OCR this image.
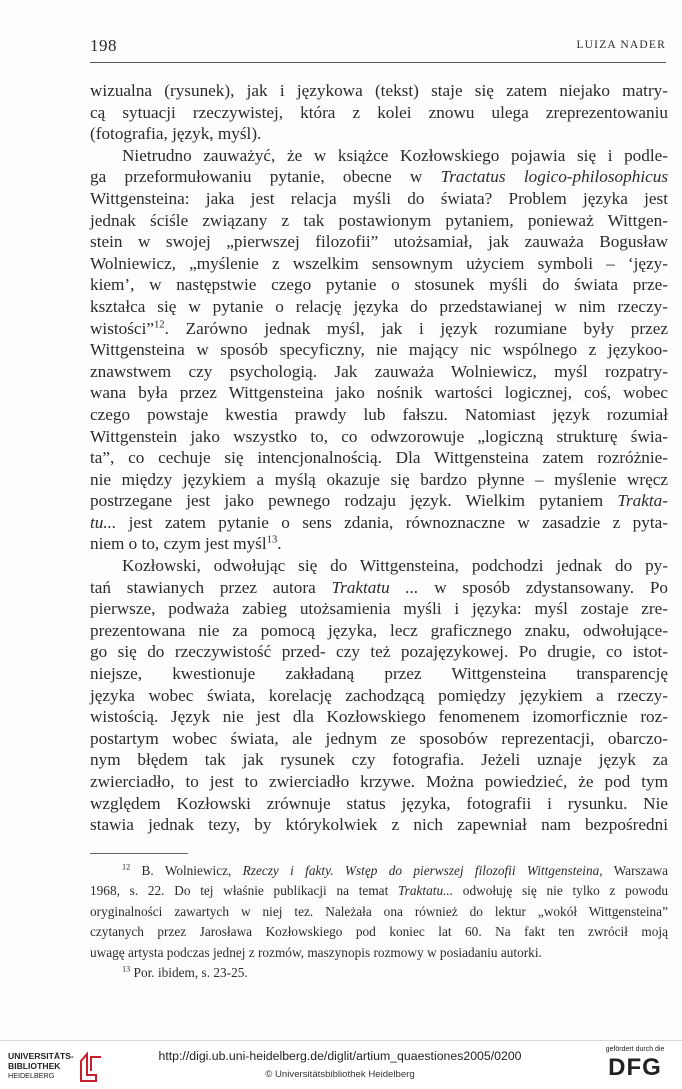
198	LUIZA NADER
wizualna (rysunek), jak i językowa (tekst) staje się zatem niejako matry-
cą sytuacji rzeczywistej, która z kolei znowu ulega zreprezentowaniu
(fotografia, język, myśl).
Nietrudno zauważyć, że w książce Kozłowskiego pojawia się i podle-
ga przeformułowaniu pytanie, obecne w Tractatus logico-philosophicus
Wittgensteina: jaka jest relacja myśli do świata? Problem języka jest
jednak ściśle związany z tak postawionym pytaniem, ponieważ Wittgen-
stein w swojej „pierwszej filozofii” utożsamiał, jak zauważa Bogusław
Wolniewicz, „myślenie z wszelkim sensownym użyciem symboli – ‘języ-
kiem’, w następstwie czego pytanie o stosunek myśli do świata prze-
kształca się w pytanie o relację języka do przedstawianej w nim rzeczy-
wistości”$^{12}$. Zarówno jednak myśl, jak i język rozumiane były przez
Wittgensteina w sposób specyficzny, nie mający nic wspólnego z językoo-
znawstwem czy psychologią. Jak zauważa Wolniewicz, myśl rozpatry-
wana była przez Wittgensteina jako nośnik wartości logicznej, coś, wobec
czego powstaje kwestia prawdy lub fałszu. Natomiast język rozumiał
Wittgenstein jako wszystko to, co odwzorowuje „logiczną strukturę świa-
ta”, co cechuje się intencjonalnością. Dla Wittgensteina zatem rozróżnie-
nie między językiem a myślą okazuje się bardzo płynne – myślenie wręcz
postrzegane jest jako pewnego rodzaju język. Wielkim pytaniem Trakta-
tu... jest zatem pytanie o sens zdania, równoznaczne w zasadzie z pyta-
niem o to, czym jest myśl$^{13}$.
Kozłowski, odwołując się do Wittgensteina, podchodzi jednak do py-
tań stawianych przez autora Traktatu ... w sposób zdystansowany. Po
pierwsze, podważa zabieg utożsamienia myśli i języka: myśl zostaje zre-
prezentowana nie za pomocą języka, lecz graficznego znaku, odwołujące-
go się do rzeczywistość przed- czy też pozajęzykowej. Po drugie, co istot-
niejsze, kwestionuje zakładaną przez Wittgensteina transparencję
języka wobec świata, korelację zachodzącą pomiędzy językiem a rzeczy-
wistością. Język nie jest dla Kozłowskiego fenomenem izomorficznie roz-
postartym wobec świata, ale jednym ze sposobów reprezentacji, obarczo-
nym błędem tak jak rysunek czy fotografia. Jeżeli uznaje język za
zwierciadło, to jest to zwierciadło krzywe. Można powiedzieć, że pod tym
względem Kozłowski zrównuje status języka, fotografii i rysunku. Nie
stawia jednak tezy, by którykolwiek z nich zapewniał nam bezpośredni
$^{12}$ B. Wolniewicz, Rzeczy i fakty. Wstęp do pierwszej filozofii Wittgensteina, Warszawa
1968, s. 22. Do tej właśnie publikacji na temat Traktatu... odwołuję się nie tylko z powodu
oryginalności zawartych w niej tez. Należała ona również do lektur „wokół Wittgensteina”
czytanych przez Jarosława Kozłowskiego pod koniec lat 60. Na fakt ten zwrócił moją
uwagę artysta podczas jednej z rozmów, maszynopis rozmowy w posiadaniu autorki.
$^{13}$ Por. ibidem, s. 23-25.
UNIVERSITÄTS-
BIBLIOTHEK
HEIDELBERG
http://digi.ub.uni-heidelberg.de/diglit/artium_quaestiones2005/0200
© Universitätsbibliothek Heidelberg
gefördert durch die
DFG
